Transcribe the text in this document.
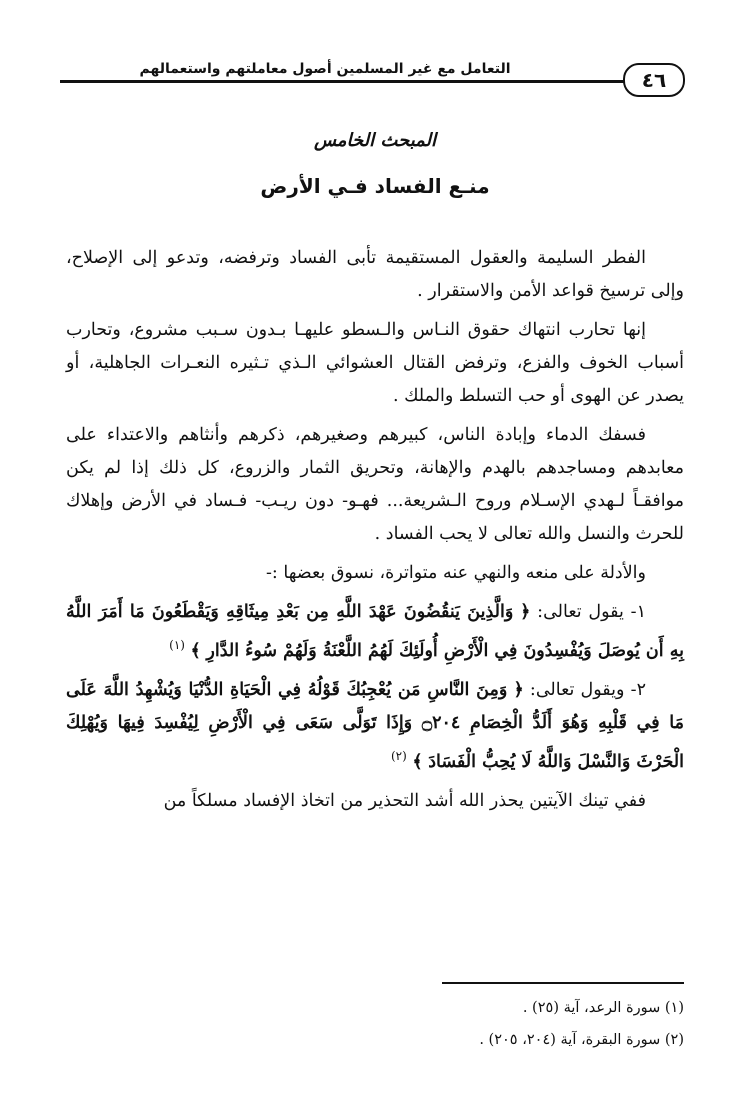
التعامل مع غير المسلمين أصول معاملتهم واستعمالهم	٤٦
المبحث الخامس
منـع الفساد فـي الأرض

الفطر السليمة والعقول المستقيمة تأبى الفساد وترفضه، وتدعو إلى الإصلاح، وإلى ترسيخ قواعد الأمن والاستقرار .

إنها تحارب انتهاك حقوق النـاس والـسطو عليهـا بـدون سـبب مشروع، وتحارب أسباب الخوف والفزع، وترفض القتال العشوائي الـذي تـثيره النعـرات الجاهلية، أو يصدر عن الهوى أو حب التسلط والملك .

فسفك الدماء وإبادة الناس، كبيرهم وصغيرهم، ذكرهم وأنثاهم والاعتداء على معابدهم ومساجدهم بالهدم والإهانة، وتحريق الثمار والزروع، كل ذلك إذا لم يكن موافقـاً لـهدي الإسـلام وروح الـشريعة... فهـو- دون ريـب- فـساد في الأرض وإهلاك للحرث والنسل والله تعالى لا يحب الفساد .

والأدلة على منعه والنهي عنه متواترة، نسوق بعضها :-

١- يقول تعالى: ﴿ وَالَّذِينَ يَنقُضُونَ عَهْدَ اللَّهِ مِن بَعْدِ مِيثَاقِهِ وَيَقْطَعُونَ مَا أَمَرَ اللَّهُ بِهِ أَن يُوصَلَ وَيُفْسِدُونَ فِي الْأَرْضِ أُولَئِكَ لَهُمُ اللَّعْنَةُ وَلَهُمْ سُوءُ الدَّارِ ﴾ $^{(١)}$

٢- ويقول تعالى: ﴿ وَمِنَ النَّاسِ مَن يُعْجِبُكَ قَوْلُهُ فِي الْحَيَاةِ الدُّنْيَا وَيُشْهِدُ اللَّهَ عَلَى مَا فِي قَلْبِهِ وَهُوَ أَلَدُّ الْخِصَامِ ۝٢٠٤ وَإِذَا تَوَلَّى سَعَى فِي الْأَرْضِ لِيُفْسِدَ فِيهَا وَيُهْلِكَ الْحَرْثَ وَالنَّسْلَ وَاللَّهُ لَا يُحِبُّ الْفَسَادَ ﴾ $^{(٢)}$

ففي تينك الآيتين يحذر الله أشد التحذير من اتخاذ الإفساد مسلكاً من

(١) سورة الرعد، آية (٢٥) .

(٢) سورة البقرة، آية (٢٠٤، ٢٠٥) .
